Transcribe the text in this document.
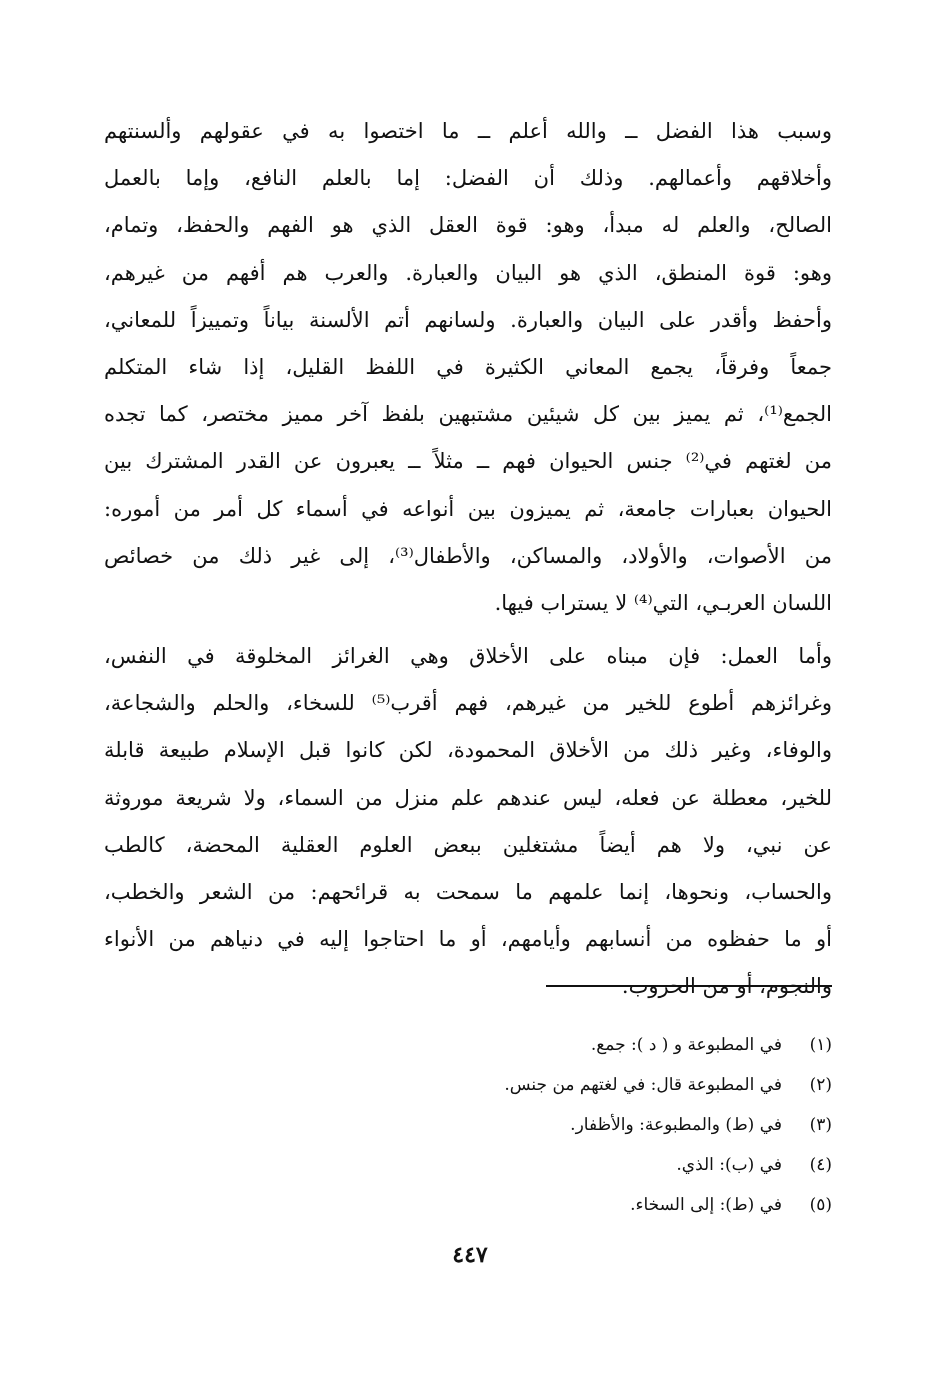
وسبب هذا الفضل ــ والله أعلم ــ ما اختصوا به في عقولهم وألسنتهم
وأخلاقهم وأعمالهم. وذلك أن الفضل: إما بالعلم النافع، وإما بالعمل
الصالح، والعلم له مبدأ، وهو: قوة العقل الذي هو الفهم والحفظ، وتمام،
وهو: قوة المنطق، الذي هو البيان والعبارة. والعرب هم أفهم من غيرهم،
وأحفظ وأقدر على البيان والعبارة. ولسانهم أتم الألسنة بياناً وتمييزاً للمعاني،
جمعاً وفرقاً، يجمع المعاني الكثيرة في اللفظ القليل، إذا شاء المتكلم
الجمع⁽¹⁾، ثم يميز بين كل شيئين مشتبهين بلفظ آخر مميز مختصر، كما تجده
من لغتهم في⁽²⁾ جنس الحيوان فهم ــ مثلاً ــ يعبرون عن القدر المشترك بين
الحيوان بعبارات جامعة، ثم يميزون بين أنواعه في أسماء كل أمر من أموره:
من الأصوات، والأولاد، والمساكن، والأطفال⁽³⁾، إلى غير ذلك من خصائص
اللسان العربـي، التي⁽⁴⁾ لا يستراب فيها.
وأما العمل: فإن مبناه على الأخلاق وهي الغرائز المخلوقة في النفس،
وغرائزهم أطوع للخير من غيرهم، فهم أقرب⁽⁵⁾ للسخاء، والحلم والشجاعة،
والوفاء، وغير ذلك من الأخلاق المحمودة، لكن كانوا قبل الإسلام طبيعة قابلة
للخير، معطلة عن فعله، ليس عندهم علم منزل من السماء، ولا شريعة موروثة
عن نبي، ولا هم أيضاً مشتغلين ببعض العلوم العقلية المحضة، كالطب
والحساب، ونحوها، إنما علمهم ما سمحت به قرائحهم: من الشعر والخطب،
أو ما حفظوه من أنسابهم وأيامهم، أو ما احتاجوا إليه في دنياهم من الأنواء
والنجوم، أو من الحروب.
(١)في المطبوعة و ( د ): جمع.
(٢)في المطبوعة قال: في لغتهم من جنس.
(٣)في (ط) والمطبوعة: والأظفار.
(٤)في (ب): الذي.
(٥)في (ط): إلى السخاء.
٤٤٧
